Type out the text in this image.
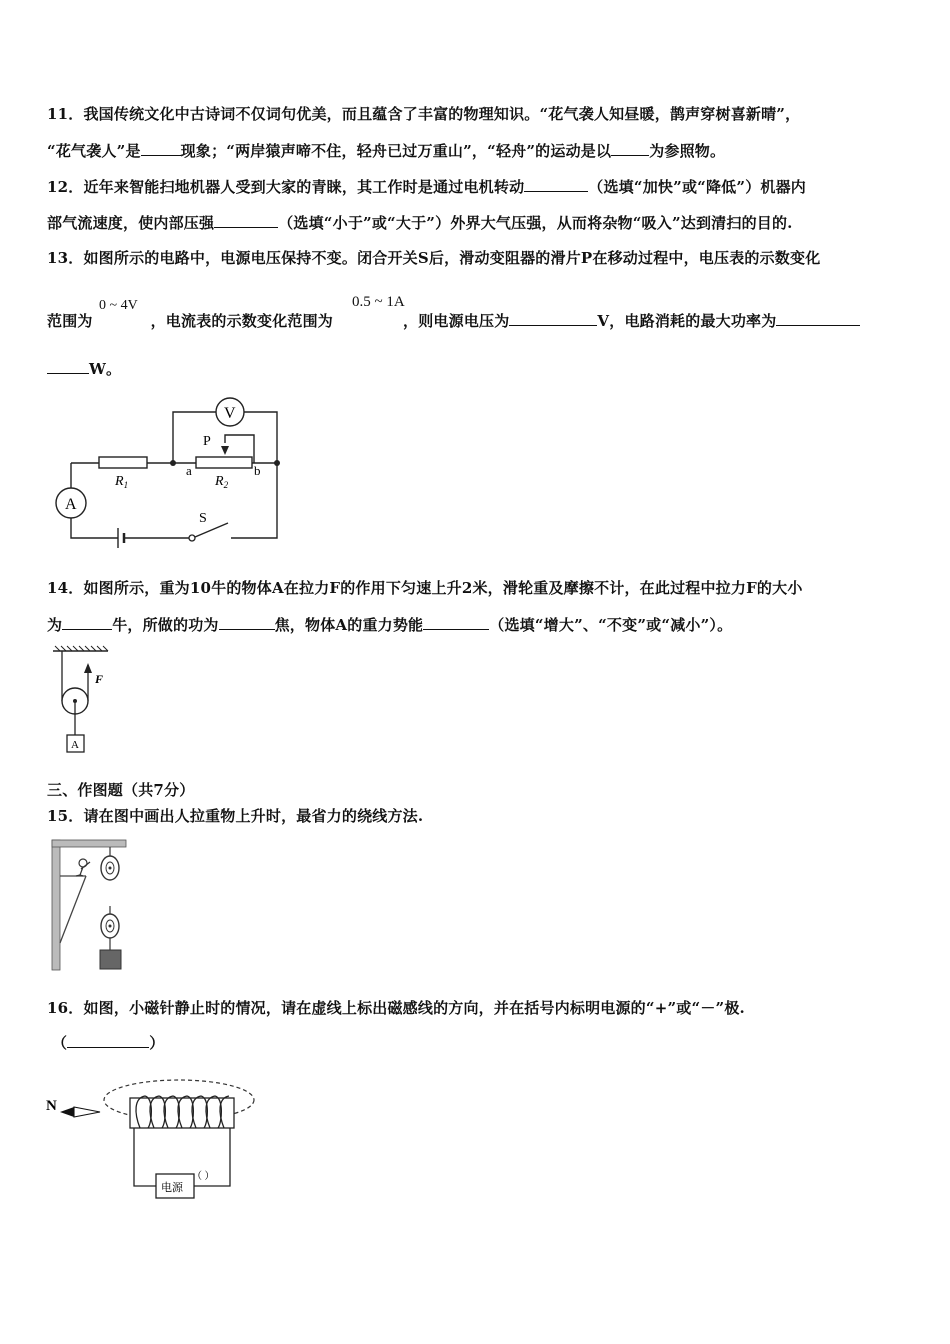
11．我国传统文化中古诗词不仅词句优美，而且蕴含了丰富的物理知识。“花气袭人知昼暖，鹊声穿树喜新晴”，
“花气袭人”是	现象；“两岸猿声啼不住，轻舟已过万重山”，“轻舟”的运动是以	为参照物。
12．近年来智能扫地机器人受到大家的青睐，其工作时是通过电机转动	（选填“加快”或“降低”）机器内
部气流速度，使内部压强	（选填“小于”或“大于”）外界大气压强，从而将杂物“吸入”达到清扫的目的.
13．如图所示的电路中，电源电压保持不变。闭合开关S后，滑动变阻器的滑片P在移动过程中，电压表的示数变化
范围为	，电流表的示数变化范围为	，则电源电压为	V，电路消耗的最大功率为
0 ~ 4V	0.5 ~ 1A
W。
V
$R_1$	$R_2$
P
a	b
A
S
14．如图所示，重为10牛的物体A在拉力F的作用下匀速上升2米，滑轮重及摩擦不计，在此过程中拉力F的大小
为	牛，所做的功为	焦，物体A的重力势能	（选填“增大”、“不变”或“减小”）。
F
A
三、作图题（共7分）
15．请在图中画出人拉重物上升时，最省力的绕线方法.
16．如图，小磁针静止时的情况，请在虚线上标出磁感线的方向，并在括号内标明电源的“+”或“－”极.
（	）
N
电源
（ ）
